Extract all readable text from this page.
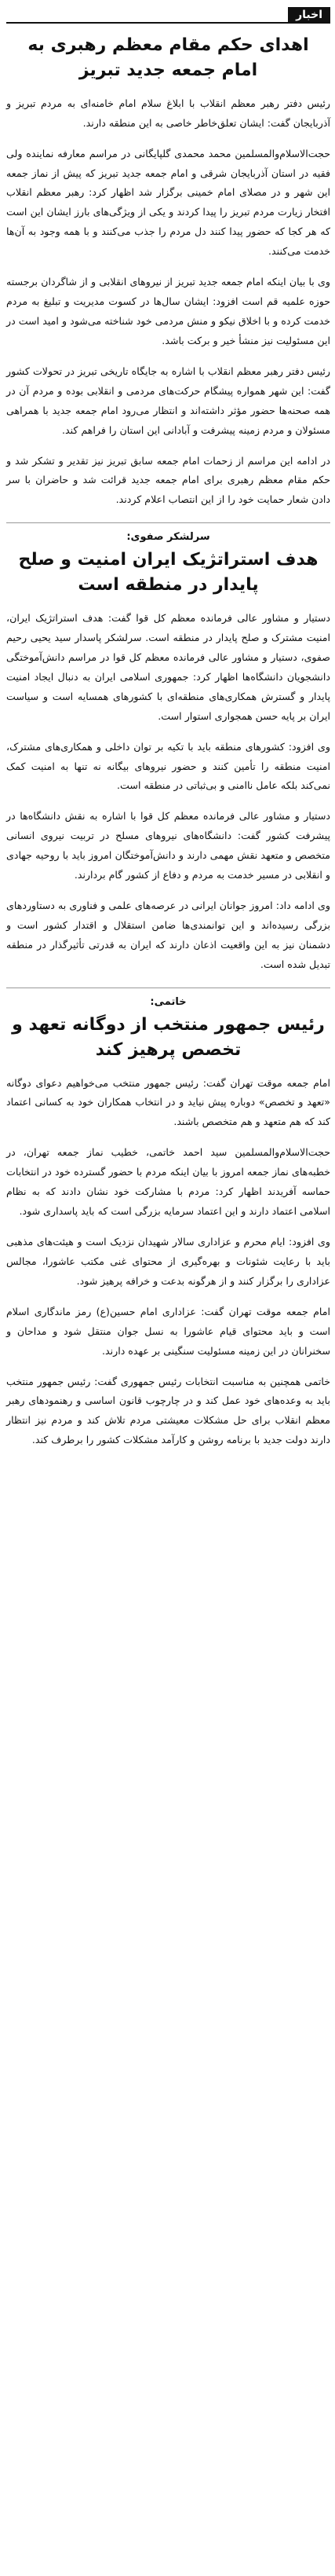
اخبار
اهدای حکم مقام معظم رهبری به امام جمعه جدید تبریز

رئیس دفتر رهبر معظم انقلاب با ابلاغ سلام امام خامنه‌ای به مردم تبریز و آذربایجان گفت: ایشان تعلق‌خاطر خاصی به این منطقه دارند.

حجت‌الاسلام‌والمسلمین محمد محمدی گلپایگانی در مراسم معارفه نماینده ولی فقیه در استان آذربایجان شرقی و امام جمعه جدید تبریز که پیش از نماز جمعه این شهر و در مصلای امام خمینی برگزار شد اظهار کرد: رهبر معظم انقلاب افتخار زیارت مردم تبریز را پیدا کردند و یکی از ویژگی‌های بارز ایشان این است که هر کجا که حضور پیدا کنند دل مردم را جذب می‌کنند و با همه وجود به آن‌ها خدمت می‌کنند.

وی با بیان اینکه امام جمعه جدید تبریز از نیروهای انقلابی و از شاگردان برجسته حوزه علمیه قم است افزود: ایشان سال‌ها در کسوت مدیریت و تبلیغ به مردم خدمت کرده و با اخلاق نیکو و منش مردمی خود شناخته می‌شود و امید است در این مسئولیت نیز منشأ خیر و برکت باشد.

رئیس دفتر رهبر معظم انقلاب با اشاره به جایگاه تاریخی تبریز در تحولات کشور گفت: این شهر همواره پیشگام حرکت‌های مردمی و انقلابی بوده و مردم آن در همه صحنه‌ها حضور مؤثر داشته‌اند و انتظار می‌رود امام جمعه جدید با همراهی مسئولان و مردم زمینه پیشرفت و آبادانی این استان را فراهم کند.

در ادامه این مراسم از زحمات امام جمعه سابق تبریز نیز تقدیر و تشکر شد و حکم مقام معظم رهبری برای امام جمعه جدید قرائت شد و حاضران با سر دادن شعار حمایت خود را از این انتصاب اعلام کردند.

سرلشکر صفوی:
هدف استراتژیک ایران امنیت و صلح پایدار در منطقه است

دستیار و مشاور عالی فرمانده معظم کل قوا گفت: هدف استراتژیک ایران، امنیت مشترک و صلح پایدار در منطقه است. سرلشکر پاسدار سید یحیی رحیم صفوی، دستیار و مشاور عالی فرمانده معظم کل قوا در مراسم دانش‌آموختگی دانشجویان دانشگاه‌ها اظهار کرد: جمهوری اسلامی ایران به دنبال ایجاد امنیت پایدار و گسترش همکاری‌های منطقه‌ای با کشورهای همسایه است و سیاست ایران بر پایه حسن همجواری استوار است.

وی افزود: کشورهای منطقه باید با تکیه بر توان داخلی و همکاری‌های مشترک، امنیت منطقه را تأمین کنند و حضور نیروهای بیگانه نه تنها به امنیت کمک نمی‌کند بلکه عامل ناامنی و بی‌ثباتی در منطقه است.

دستیار و مشاور عالی فرمانده معظم کل قوا با اشاره به نقش دانشگاه‌ها در پیشرفت کشور گفت: دانشگاه‌های نیروهای مسلح در تربیت نیروی انسانی متخصص و متعهد نقش مهمی دارند و دانش‌آموختگان امروز باید با روحیه جهادی و انقلابی در مسیر خدمت به مردم و دفاع از کشور گام بردارند.

وی ادامه داد: امروز جوانان ایرانی در عرصه‌های علمی و فناوری به دستاوردهای بزرگی رسیده‌اند و این توانمندی‌ها ضامن استقلال و اقتدار کشور است و دشمنان نیز به این واقعیت اذعان دارند که ایران به قدرتی تأثیرگذار در منطقه تبدیل شده است.

خاتمی:
رئیس جمهور منتخب از دوگانه تعهد و تخصص پرهیز کند

امام جمعه موقت تهران گفت: رئیس جمهور منتخب می‌خواهیم دعوای دوگانه «تعهد و تخصص» دوباره پیش نیاید و در انتخاب همکاران خود به کسانی اعتماد کند که هم متعهد و هم متخصص باشند.

حجت‌الاسلام‌والمسلمین سید احمد خاتمی، خطیب نماز جمعه تهران، در خطبه‌های نماز جمعه امروز با بیان اینکه مردم با حضور گسترده خود در انتخابات حماسه آفریدند اظهار کرد: مردم با مشارکت خود نشان دادند که به نظام اسلامی اعتماد دارند و این اعتماد سرمایه بزرگی است که باید پاسداری شود.

وی افزود: ایام محرم و عزاداری سالار شهیدان نزدیک است و هیئت‌های مذهبی باید با رعایت شئونات و بهره‌گیری از محتوای غنی مکتب عاشورا، مجالس عزاداری را برگزار کنند و از هرگونه بدعت و خرافه پرهیز شود.

امام جمعه موقت تهران گفت: عزاداری امام حسین(ع) رمز ماندگاری اسلام است و باید محتوای قیام عاشورا به نسل جوان منتقل شود و مداحان و سخنرانان در این زمینه مسئولیت سنگینی بر عهده دارند.

خاتمی همچنین به مناسبت انتخابات رئیس جمهوری گفت: رئیس جمهور منتخب باید به وعده‌های خود عمل کند و در چارچوب قانون اساسی و رهنمودهای رهبر معظم انقلاب برای حل مشکلات معیشتی مردم تلاش کند و مردم نیز انتظار دارند دولت جدید با برنامه روشن و کارآمد مشکلات کشور را برطرف کند.
